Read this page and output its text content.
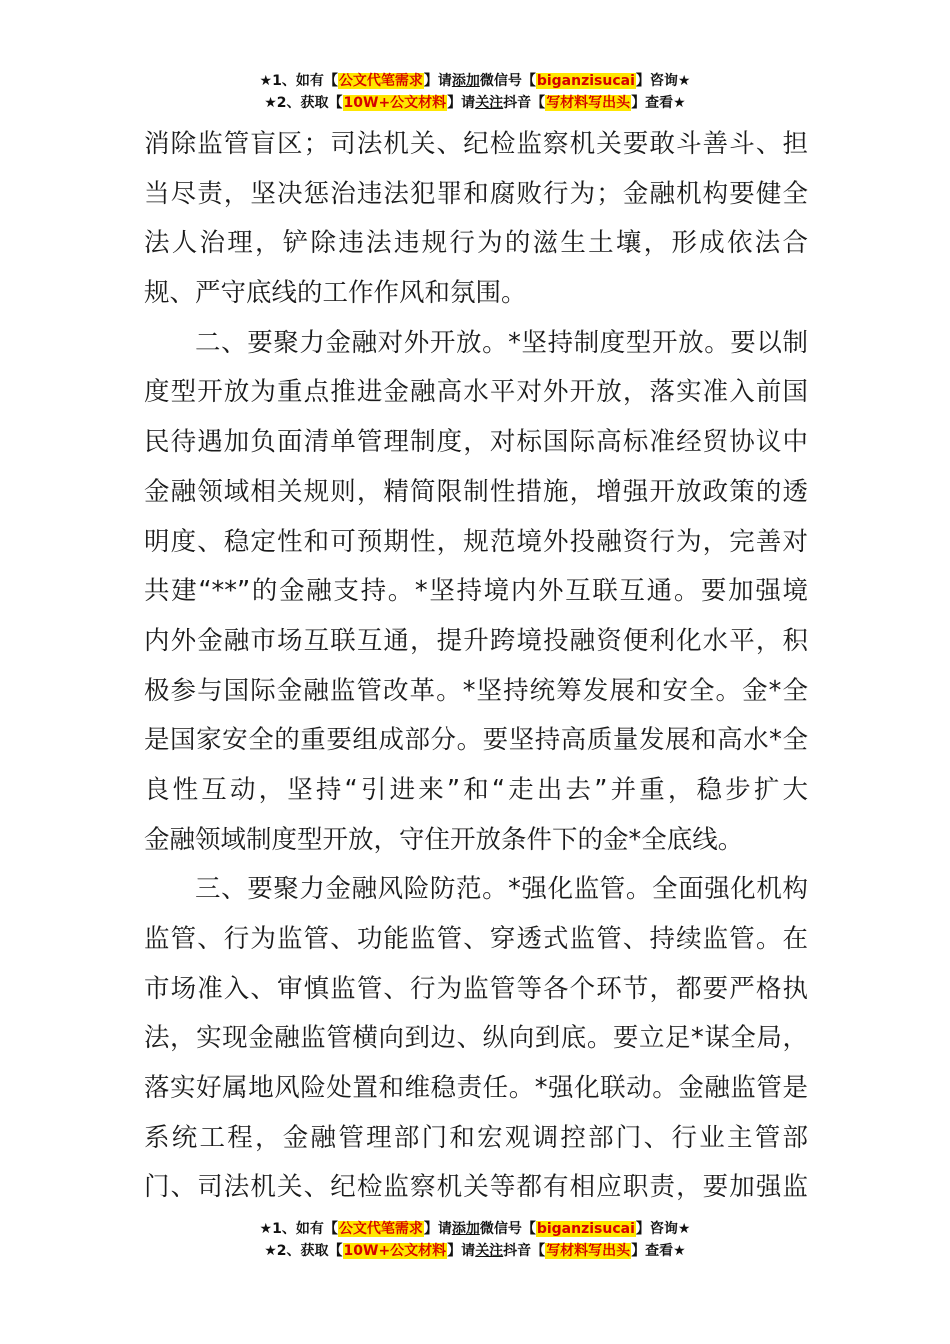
★1、如有【公文代笔需求】请添加微信号【biganzisucai】咨询★
★2、获取【10W+公文材料】请关注抖音【写材料写出头】查看★
消除监管盲区；司法机关、纪检监察机关要敢斗善斗、担
当尽责，坚决惩治违法犯罪和腐败行为；金融机构要健全
法人治理，铲除违法违规行为的滋生土壤，形成依法合
规、严守底线的工作作风和氛围。
二、要聚力金融对外开放。*坚持制度型开放。要以制
度型开放为重点推进金融高水平对外开放，落实准入前国
民待遇加负面清单管理制度，对标国际高标准经贸协议中
金融领域相关规则，精简限制性措施，增强开放政策的透
明度、稳定性和可预期性，规范境外投融资行为，完善对
共建“**”的金融支持。*坚持境内外互联互通。要加强境
内外金融市场互联互通，提升跨境投融资便利化水平，积
极参与国际金融监管改革。*坚持统筹发展和安全。金*全
是国家安全的重要组成部分。要坚持高质量发展和高水*全
良性互动，坚持“引进来”和“走出去”并重，稳步扩大
金融领域制度型开放，守住开放条件下的金*全底线。
三、要聚力金融风险防范。*强化监管。全面强化机构
监管、行为监管、功能监管、穿透式监管、持续监管。在
市场准入、审慎监管、行为监管等各个环节，都要严格执
法，实现金融监管横向到边、纵向到底。要立足*谋全局，
落实好属地风险处置和维稳责任。*强化联动。金融监管是
系统工程，金融管理部门和宏观调控部门、行业主管部
门、司法机关、纪检监察机关等都有相应职责，要加强监
★1、如有【公文代笔需求】请添加微信号【biganzisucai】咨询★
★2、获取【10W+公文材料】请关注抖音【写材料写出头】查看★
